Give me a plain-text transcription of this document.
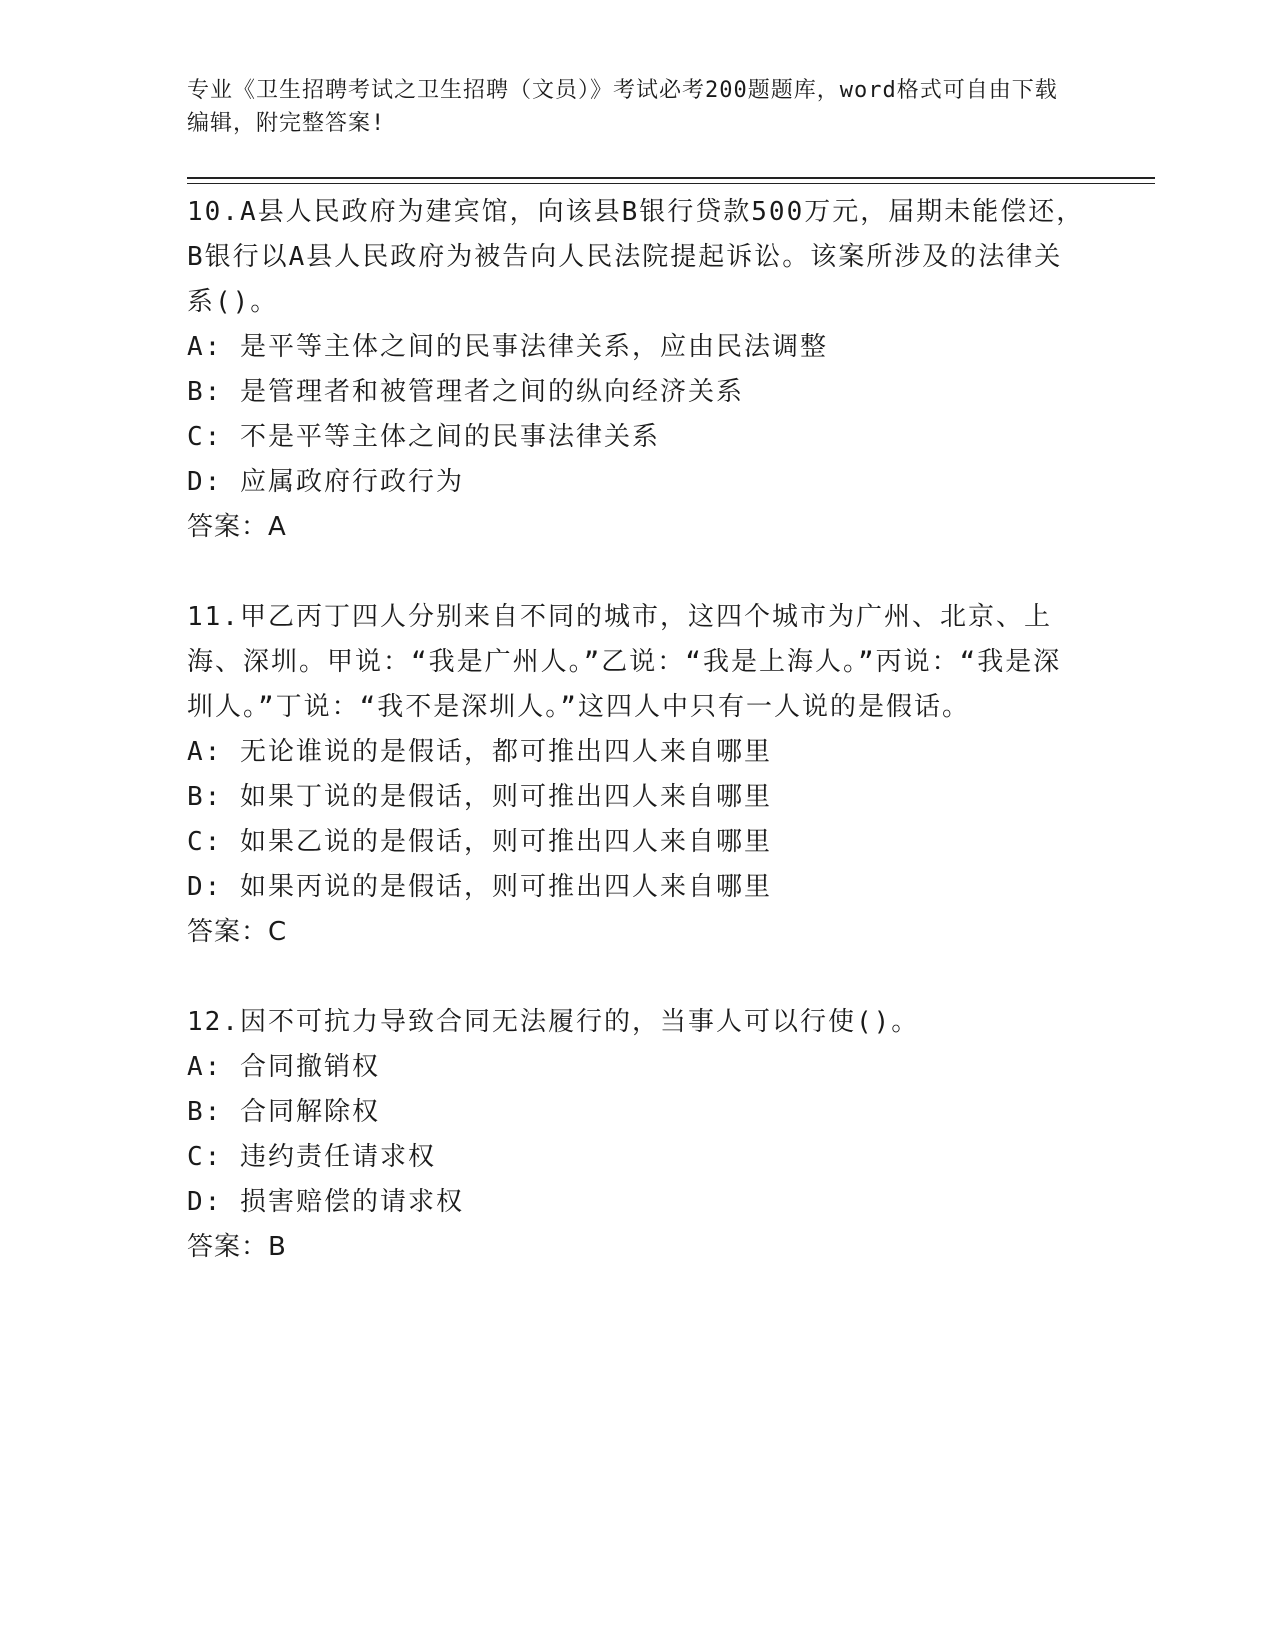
专业《卫生招聘考试之卫生招聘（文员）》考试必考200题题库，word格式可自由下载编辑，附完整答案!

10.A县人民政府为建宾馆，向该县B银行贷款500万元，届期未能偿还，B银行以A县人民政府为被告向人民法院提起诉讼。该案所涉及的法律关系()。

A: 是平等主体之间的民事法律关系，应由民法调整

B: 是管理者和被管理者之间的纵向经济关系

C: 不是平等主体之间的民事法律关系

D: 应属政府行政行为

答案：A

11.甲乙丙丁四人分别来自不同的城市，这四个城市为广州、北京、上海、深圳。甲说：“我是广州人。”乙说：“我是上海人。”丙说：“我是深圳人。”丁说：“我不是深圳人。”这四人中只有一人说的是假话。

A: 无论谁说的是假话，都可推出四人来自哪里

B: 如果丁说的是假话，则可推出四人来自哪里

C: 如果乙说的是假话，则可推出四人来自哪里

D: 如果丙说的是假话，则可推出四人来自哪里

答案：C

12.因不可抗力导致合同无法履行的，当事人可以行使()。

A: 合同撤销权

B: 合同解除权

C: 违约责任请求权

D: 损害赔偿的请求权

答案：B
